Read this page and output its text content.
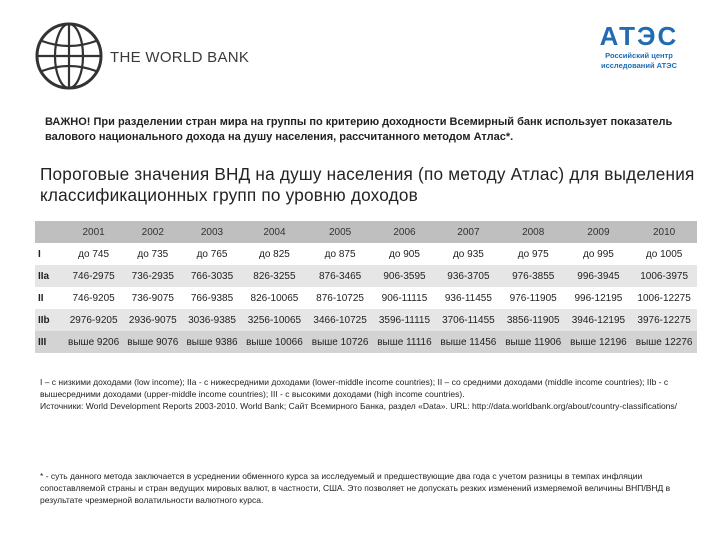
THE WORLD BANK
АТЭС
Российский центр
исследований АТЭС
ВАЖНО! При разделении стран мира на группы по критерию доходности Всемирный банк использует показатель валового национального дохода на душу населения, рассчитанного методом Атлас*.
Пороговые значения ВНД на душу населения (по методу Атлас) для выделения классификационных групп по уровню доходов
	2001	2002	2003	2004	2005	2006	2007	2008	2009	2010
I	до 745	до 735	до 765	до 825	до 875	до 905	до 935	до 975	до 995	до 1005
IIa	746-2975	736-2935	766-3035	826-3255	876-3465	906-3595	936-3705	976-3855	996-3945	1006-3975
II	746-9205	736-9075	766-9385	826-10065	876-10725	906-11115	936-11455	976-11905	996-12195	1006-12275
IIb	2976-9205	2936-9075	3036-9385	3256-10065	3466-10725	3596-11115	3706-11455	3856-11905	3946-12195	3976-12275
III	выше 9206	выше 9076	выше 9386	выше 10066	выше 10726	выше 11116	выше 11456	выше 11906	выше 12196	выше 12276
I – с низкими доходами (low income); IIa - с нижесредними доходами (lower-middle income countries); II – со средними доходами (middle income countries); IIb - с вышесредними доходами (upper-middle income countries); III - с высокими доходами (high income countries).
Источники: World Development Reports 2003-2010. World Bank; Сайт Всемирного Банка, раздел «Data». URL: http://data.worldbank.org/about/country-classifications/
* - суть данного метода заключается в усреднении обменного курса за исследуемый и предшествующие два года с учетом разницы в темпах инфляции сопоставляемой страны и стран ведущих мировых валют, в частности, США. Это позволяет не допускать резких изменений измеряемой величины ВНП/ВНД в результате чрезмерной волатильности валютного курса.
